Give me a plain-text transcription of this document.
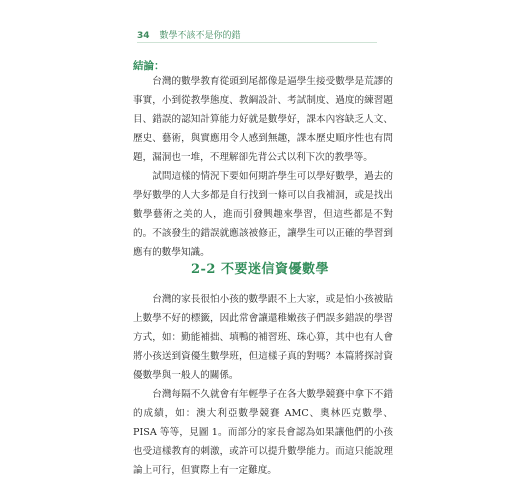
34 數學不該不是你的錯
結論：

台灣的數學教育從頭到尾都像是逼學生接受數學是荒謬的事實，小到從教學態度、教綱設計、考試制度、過度的練習題目、錯誤的認知計算能力好就是數學好，課本內容缺乏人文、歷史、藝術，與實應用令人感到無趣，課本歷史順序性也有問題，漏洞也一堆，不理解卻先背公式以利下次的教學等。

試問這樣的情況下要如何期許學生可以學好數學，過去的學好數學的人大多都是自行找到一條可以自我補洞，或是找出數學藝術之美的人，進而引發興趣來學習，但這些都是不對的。不該發生的錯誤就應該被修正，讓學生可以正確的學習到應有的數學知識。

2-2 不要迷信資優數學

台灣的家長很怕小孩的數學跟不上大家，或是怕小孩被貼上數學不好的標籤，因此常會讓還稚嫩孩子們誤多錯誤的學習方式，如：勤能補拙、填鴨的補習班、珠心算，其中也有人會將小孩送到資優生數學班，但這樣子真的對嗎？本篇將探討資優數學與一般人的關係。

台灣每隔不久就會有年輕學子在各大數學競賽中拿下不錯的成績，如：澳大利亞數學競賽 AMC、奧林匹克數學、PISA 等等，見圖 1。而部分的家長會認為如果讓他們的小孩也受這樣教育的刺激，或許可以提升數學能力。而這只能說理論上可行，但實際上有一定難度。
